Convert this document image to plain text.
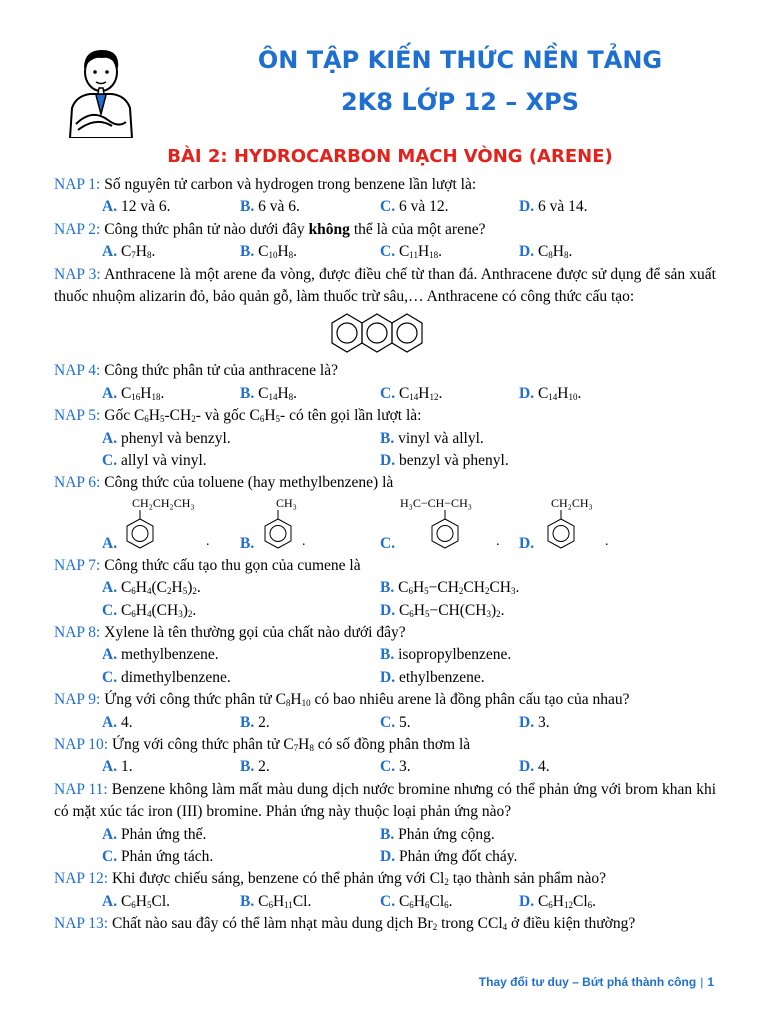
ÔN TẬP KIẾN THỨC NỀN TẢNG
2K8 LỚP 12 – XPS
BÀI 2: HYDROCARBON MẠCH VÒNG (ARENE)
NAP 1: Số nguyên tử carbon và hydrogen trong benzene lần lượt là:
A. 12 và 6.	B. 6 và 6.	C. 6 và 12.	D. 6 và 14.
NAP 2: Công thức phân tử nào dưới đây không thể là của một arene?
A. $C_7H_8$.	B. $C_{10}H_8$.	C. $C_{11}H_{18}$.	D. $C_8H_8$.
NAP 3: Anthracene là một arene đa vòng, được điều chế từ than đá. Anthracene được sử dụng để sản xuất thuốc nhuộm alizarin đỏ, bảo quản gỗ, làm thuốc trừ sâu,… Anthracene có công thức cấu tạo:
NAP 4: Công thức phân tử của anthracene là?
A. $C_{16}H_{18}$.	B. $C_{14}H_8$.	C. $C_{14}H_{12}$.	D. $C_{14}H_{10}$.
NAP 5: Gốc $C_6H_5-CH_2-$ và gốc $C_6H_5-$ có tên gọi lần lượt là:
A. phenyl và benzyl.	B. vinyl và allyl.
C. allyl và vinyl.	D. benzyl và phenyl.
NAP 6: Công thức của toluene (hay methylbenzene) là
A.
CH₂CH₂CH₃
. B.
CH₃
.	C.
H₃C−CH−CH₃
. D.
CH₂CH₃
.
NAP 7: Công thức cấu tạo thu gọn của cumene là
A. $C_6H_4(C_2H_5)_2$.	B. $C_6H_5-CH_2CH_2CH_3$.
C. $C_6H_4(CH_3)_2$.	D. $C_6H_5-CH(CH_3)_2$.
NAP 8: Xylene là tên thường gọi của chất nào dưới đây?
A. methylbenzene.	B. isopropylbenzene.
C. dimethylbenzene.	D. ethylbenzene.
NAP 9: Ứng với công thức phân tử $C_8H_{10}$ có bao nhiêu arene là đồng phân cấu tạo của nhau?
A. 4.	B. 2.	C. 5.	D. 3.
NAP 10: Ứng với công thức phân tử $C_7H_8$ có số đồng phân thơm là
A. 1.	B. 2.	C. 3.	D. 4.
NAP 11: Benzene không làm mất màu dung dịch nước bromine nhưng có thể phản ứng với brom khan khi có mặt xúc tác iron (III) bromine. Phản ứng này thuộc loại phản ứng nào?
A. Phản ứng thế.	B. Phản ứng cộng.
C. Phản ứng tách.	D. Phản ứng đốt cháy.
NAP 12: Khi được chiếu sáng, benzene có thể phản ứng với $Cl_2$ tạo thành sản phẩm nào?
A. $C_6H_5Cl$.	B. $C_6H_{11}Cl$.	C. $C_6H_6Cl_6$.	D. $C_6H_{12}Cl_6$.
NAP 13: Chất nào sau đây có thể làm nhạt màu dung dịch $Br_2$ trong CCl$_4$ ở điều kiện thường?
Thay đổi tư duy – Bứt phá thành công | 1
